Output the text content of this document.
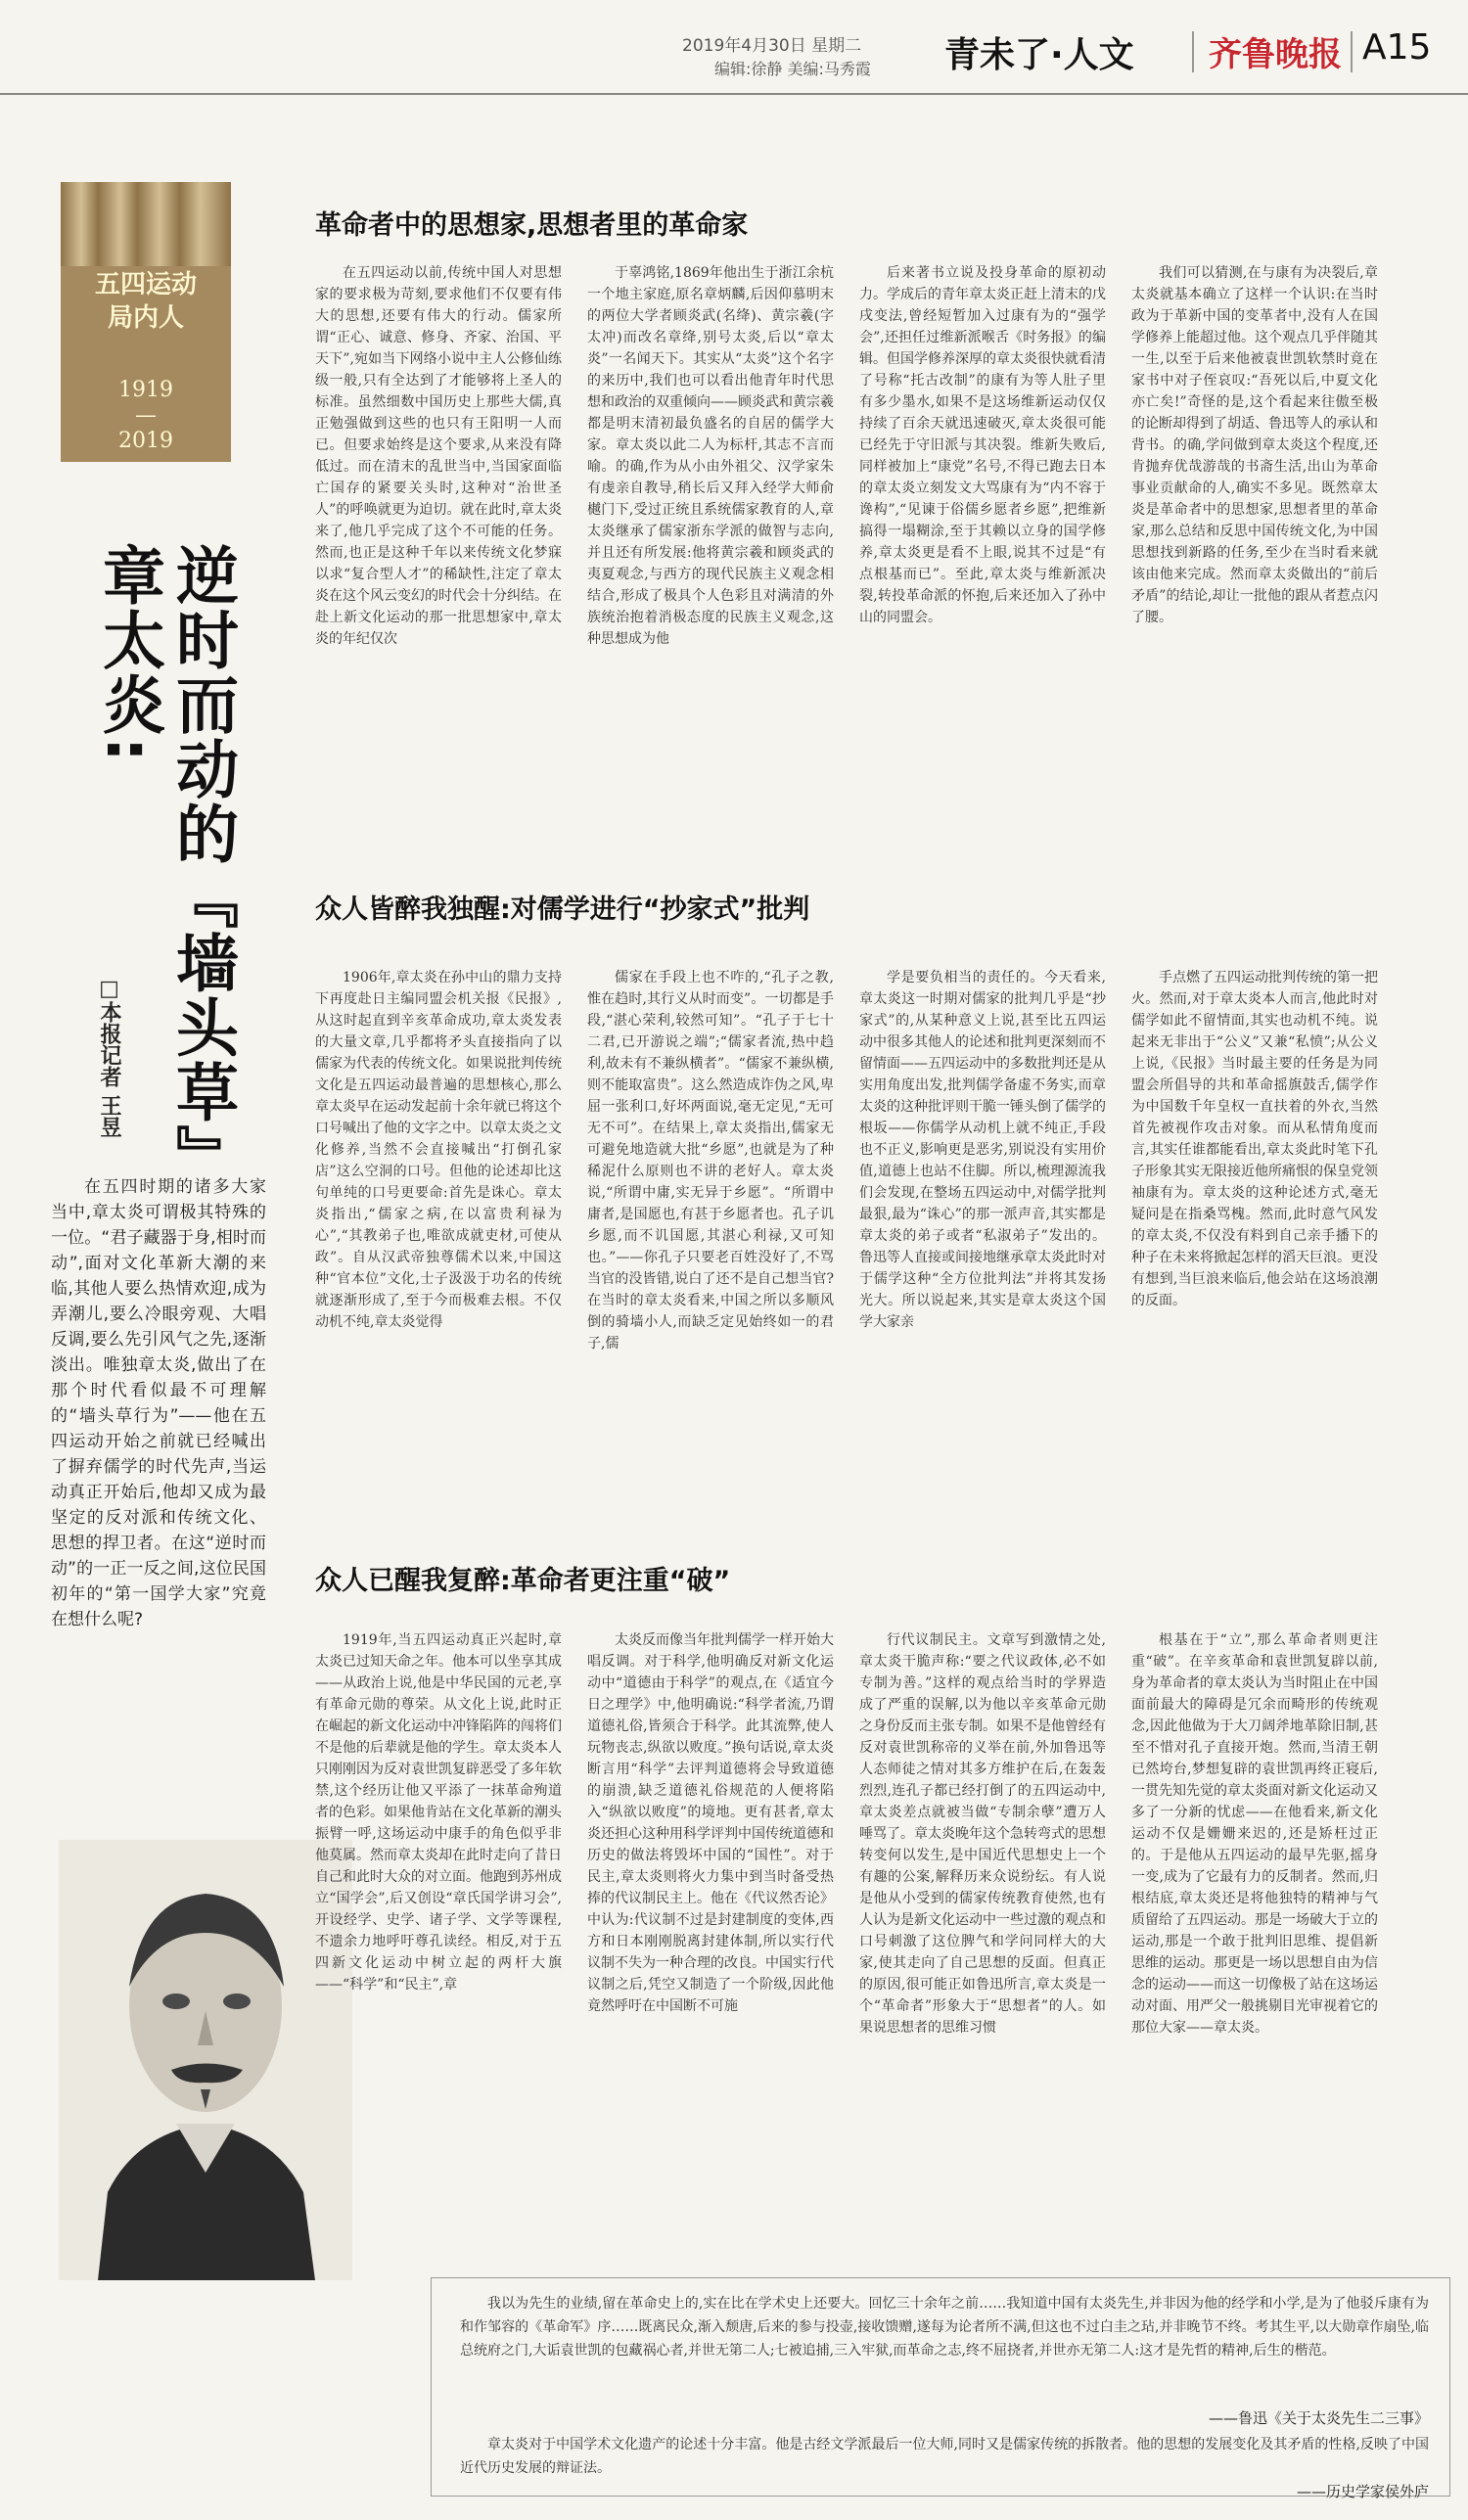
2019年4月30日 星期二
编辑:徐静 美编:马秀霞 青未了·人文 齐鲁晚报 A15
五四运动
局内人
1919
—
2019
逆时而动的『墙头草』
章太炎:
□本报记者 王昱
在五四时期的诸多大家当中,章太炎可谓极其特殊的一位。“君子藏器于身,相时而动”,面对文化革新大潮的来临,其他人要么热情欢迎,成为弄潮儿,要么冷眼旁观、大唱反调,要么先引风气之先,逐渐淡出。唯独章太炎,做出了在那个时代看似最不可理解的“墙头草行为”——他在五四运动开始之前就已经喊出了摒弃儒学的时代先声,当运动真正开始后,他却又成为最坚定的反对派和传统文化、思想的捍卫者。在这“逆时而动”的一正一反之间,这位民国初年的“第一国学大家”究竟在想什么呢?
革命者中的思想家,思想者里的革命家

在五四运动以前,传统中国人对思想家的要求极为苛刻,要求他们不仅要有伟大的思想,还要有伟大的行动。儒家所谓“正心、诚意、修身、齐家、治国、平天下”,宛如当下网络小说中主人公修仙练级一般,只有全达到了才能够将上圣人的标准。虽然细数中国历史上那些大儒,真正勉强做到这些的也只有王阳明一人而已。但要求始终是这个要求,从来没有降低过。而在清末的乱世当中,当国家面临亡国存的紧要关头时,这种对“治世圣人”的呼唤就更为迫切。就在此时,章太炎来了,他几乎完成了这个不可能的任务。然而,也正是这种千年以来传统文化梦寐以求“复合型人才”的稀缺性,注定了章太炎在这个风云变幻的时代会十分纠结。在赴上新文化运动的那一批思想家中,章太炎的年纪仅次

于辜鸿铭,1869年他出生于浙江余杭一个地主家庭,原名章炳麟,后因仰慕明末的两位大学者顾炎武(名绛)、黄宗羲(字太冲)而改名章绛,别号太炎,后以“章太炎”一名闻天下。其实从“太炎”这个名字的来历中,我们也可以看出他青年时代思想和政治的双重倾向——顾炎武和黄宗羲都是明末清初最负盛名的自居的儒学大家。章太炎以此二人为标杆,其志不言而喻。的确,作为从小由外祖父、汉学家朱有虔亲自教导,稍长后又拜入经学大师俞樾门下,受过正统且系统儒家教育的人,章太炎继承了儒家浙东学派的做智与志向,并且还有所发展:他将黄宗羲和顾炎武的夷夏观念,与西方的现代民族主义观念相结合,形成了极具个人色彩且对满清的外族统治抱着消极态度的民族主义观念,这种思想成为他

后来著书立说及投身革命的原初动力。学成后的青年章太炎正赶上清末的戊戌变法,曾经短暂加入过康有为的“强学会”,还担任过维新派喉舌《时务报》的编辑。但国学修养深厚的章太炎很快就看清了号称“托古改制”的康有为等人肚子里有多少墨水,如果不是这场维新运动仅仅持续了百余天就迅速破灭,章太炎很可能已经先于守旧派与其决裂。维新失败后,同样被加上“康党”名号,不得已跑去日本的章太炎立刻发文大骂康有为“内不容于谗构”,“见谏于俗儒乡愿者乡愿”,把维新搞得一塌糊涂,至于其赖以立身的国学修养,章太炎更是看不上眼,说其不过是“有点根基而已”。至此,章太炎与维新派决裂,转投革命派的怀抱,后来还加入了孙中山的同盟会。

我们可以猜测,在与康有为决裂后,章太炎就基本确立了这样一个认识:在当时政为于革新中国的变革者中,没有人在国学修养上能超过他。这个观点几乎伴随其一生,以至于后来他被袁世凯软禁时竟在家书中对子侄哀叹:“吾死以后,中夏文化亦亡矣!”奇怪的是,这个看起来往傲至极的论断却得到了胡适、鲁迅等人的承认和背书。的确,学问做到章太炎这个程度,还肯抛弃优哉游哉的书斋生活,出山为革命事业贡献命的人,确实不多见。既然章太炎是革命者中的思想家,思想者里的革命家,那么总结和反思中国传统文化,为中国思想找到新路的任务,至少在当时看来就该由他来完成。然而章太炎做出的“前后矛盾”的结论,却让一批他的跟从者惹点闪了腰。

众人皆醉我独醒:对儒学进行“抄家式”批判

1906年,章太炎在孙中山的鼎力支持下再度赴日主编同盟会机关报《民报》,从这时起直到辛亥革命成功,章太炎发表的大量文章,几乎都将矛头直接指向了以儒家为代表的传统文化。如果说批判传统文化是五四运动最普遍的思想核心,那么章太炎早在运动发起前十余年就已将这个口号喊出了他的文字之中。以章太炎之文化修养,当然不会直接喊出“打倒孔家店”这么空洞的口号。但他的论述却比这句单纯的口号更要命:首先是诛心。章太炎指出,“儒家之病,在以富贵利禄为心”,“其教弟子也,唯欲成就吏材,可使从政”。自从汉武帝独尊儒术以来,中国这种“官本位”文化,士子汲汲于功名的传统就逐渐形成了,至于今而极难去根。不仅动机不纯,章太炎觉得

儒家在手段上也不咋的,“孔子之教,惟在趋时,其行义从时而变”。一切都是手段,“湛心荣利,较然可知”。“孔子于七十二君,已开游说之端”;“儒家者流,热中趋利,故未有不兼纵横者”。“儒家不兼纵横,则不能取富贵”。这么然造成诈伪之风,卑屈一张利口,好坏两面说,毫无定见,“无可无不可”。在结果上,章太炎指出,儒家无可避免地造就大批“乡愿”,也就是为了种稀泥什么原则也不讲的老好人。章太炎说,“所谓中庸,实无异于乡愿”。“所谓中庸者,是国愿也,有甚于乡愿者也。孔子讥乡愿,而不讥国愿,其湛心利禄,又可知也。”——你孔子只要老百姓没好了,不骂当官的没皆错,说白了还不是自己想当官?在当时的章太炎看来,中国之所以多顺风倒的骑墙小人,而缺乏定见始终如一的君子,儒

学是要负相当的责任的。今天看来,章太炎这一时期对儒家的批判几乎是“抄家式”的,从某种意义上说,甚至比五四运动中很多其他人的论述和批判更深刻而不留情面——五四运动中的多数批判还是从实用角度出发,批判儒学备虚不务实,而章太炎的这种批评则干脆一锤头倒了儒学的根坂——你儒学从动机上就不纯正,手段也不正义,影响更是恶劣,别说没有实用价值,道德上也站不住脚。所以,梳理源流我们会发现,在整场五四运动中,对儒学批判最狠,最为“诛心”的那一派声音,其实都是章太炎的弟子或者“私淑弟子”发出的。鲁迅等人直接或间接地继承章太炎此时对于儒学这种“全方位批判法”并将其发扬光大。所以说起来,其实是章太炎这个国学大家亲

手点燃了五四运动批判传统的第一把火。然而,对于章太炎本人而言,他此时对儒学如此不留情面,其实也动机不纯。说起来无非出于“公义”又兼“私愤”;从公义上说,《民报》当时最主要的任务是为同盟会所倡导的共和革命摇旗鼓舌,儒学作为中国数千年皇权一直扶着的外衣,当然首先被视作攻击对象。而从私情角度而言,其实任谁都能看出,章太炎此时笔下孔子形象其实无限接近他所痛恨的保皇党领袖康有为。章太炎的这种论述方式,毫无疑问是在指桑骂槐。然而,此时意气风发的章太炎,不仅没有料到自己亲手播下的种子在未来将掀起怎样的滔天巨浪。更没有想到,当巨浪来临后,他会站在这场浪潮的反面。

众人已醒我复醉:革命者更注重“破”

1919年,当五四运动真正兴起时,章太炎已过知天命之年。他本可以坐享其成——从政治上说,他是中华民国的元老,享有革命元勋的尊荣。从文化上说,此时正在崛起的新文化运动中冲锋陷阵的闯将们不是他的后辈就是他的学生。章太炎本人只刚刚因为反对袁世凯复辟恶受了多年软禁,这个经历让他又平添了一抹革命殉道者的色彩。如果他肯站在文化革新的潮头振臂一呼,这场运动中康手的角色似乎非他莫属。然而章太炎却在此时走向了昔日自己和此时大众的对立面。他跑到苏州成立“国学会”,后又创设“章氏国学讲习会”,开设经学、史学、诸子学、文学等课程,不遗余力地呼吁尊孔读经。相反,对于五四新文化运动中树立起的两杆大旗——“科学”和“民主”,章

太炎反而像当年批判儒学一样开始大唱反调。对于科学,他明确反对新文化运动中“道德由于科学”的观点,在《适宜今日之理学》中,他明确说:“科学者流,乃谓道德礼俗,皆须合于科学。此其流弊,使人玩物丧志,纵欲以败度。”换句话说,章太炎断言用“科学”去评判道德将会导致道德的崩溃,缺乏道德礼俗规范的人便将陷入“纵欲以败度”的境地。更有甚者,章太炎还担心这种用科学评判中国传统道德和历史的做法将毁坏中国的“国性”。对于民主,章太炎则将火力集中到当时备受热捧的代议制民主上。他在《代议然否论》中认为:代议制不过是封建制度的变体,西方和日本刚刚脱离封建体制,所以实行代议制不失为一种合理的改良。中国实行代议制之后,凭空又制造了一个阶级,因此他竟然呼吁在中国断不可施

行代议制民主。文章写到激情之处,章太炎干脆声称:“要之代议政体,必不如专制为善。”这样的观点给当时的学界造成了严重的误解,以为他以辛亥革命元勋之身份反而主张专制。如果不是他曾经有反对袁世凯称帝的义举在前,外加鲁迅等人态师徒之情对其多方维护在后,在轰轰烈烈,连孔子都已经打倒了的五四运动中,章太炎差点就被当做“专制余孽”遭万人唾骂了。章太炎晚年这个急转弯式的思想转变何以发生,是中国近代思想史上一个有趣的公案,解释历来众说纷纭。有人说是他从小受到的儒家传统教育使然,也有人认为是新文化运动中一些过激的观点和口号刺激了这位脾气和学问同样大的大家,使其走向了自己思想的反面。但真正的原因,很可能正如鲁迅所言,章太炎是一个“革命者”形象大于“思想者”的人。如果说思想者的思维习惯

根基在于“立”,那么革命者则更注重“破”。在辛亥革命和袁世凯复辟以前,身为革命者的章太炎认为当时阻止在中国面前最大的障碍是冗余而畸形的传统观念,因此他做为于大刀阔斧地革除旧制,甚至不惜对孔子直接开炮。然而,当清王朝已然垮台,梦想复辟的袁世凯再终正寝后,一贯先知先觉的章太炎面对新文化运动又多了一分新的忧虑——在他看来,新文化运动不仅是姗姗来迟的,还是矫枉过正的。于是他从五四运动的最早先驱,摇身一变,成为了它最有力的反制者。然而,归根结底,章太炎还是将他独特的精神与气质留给了五四运动。那是一场破大于立的运动,那是一个敢于批判旧思维、提倡新思维的运动。那更是一场以思想自由为信念的运动——而这一切像极了站在这场运动对面、用严父一般挑剔目光审视着它的那位大家——章太炎。

我以为先生的业绩,留在革命史上的,实在比在学术史上还要大。回忆三十余年之前……我知道中国有太炎先生,并非因为他的经学和小学,是为了他驳斥康有为和作邹容的《革命军》序……既离民众,渐入颓唐,后来的参与投壶,接收馈赠,遂每为论者所不满,但这也不过白圭之玷,并非晚节不终。考其生平,以大勋章作扇坠,临总统府之门,大诟袁世凯的包藏祸心者,并世无第二人;七被追捕,三入牢狱,而革命之志,终不屈挠者,并世亦无第二人:这才是先哲的精神,后生的楷范。
——鲁迅《关于太炎先生二三事》
章太炎对于中国学术文化遗产的论述十分丰富。他是古经文学派最后一位大师,同时又是儒家传统的拆散者。他的思想的发展变化及其矛盾的性格,反映了中国近代历史发展的辩证法。
——历史学家侯外庐
